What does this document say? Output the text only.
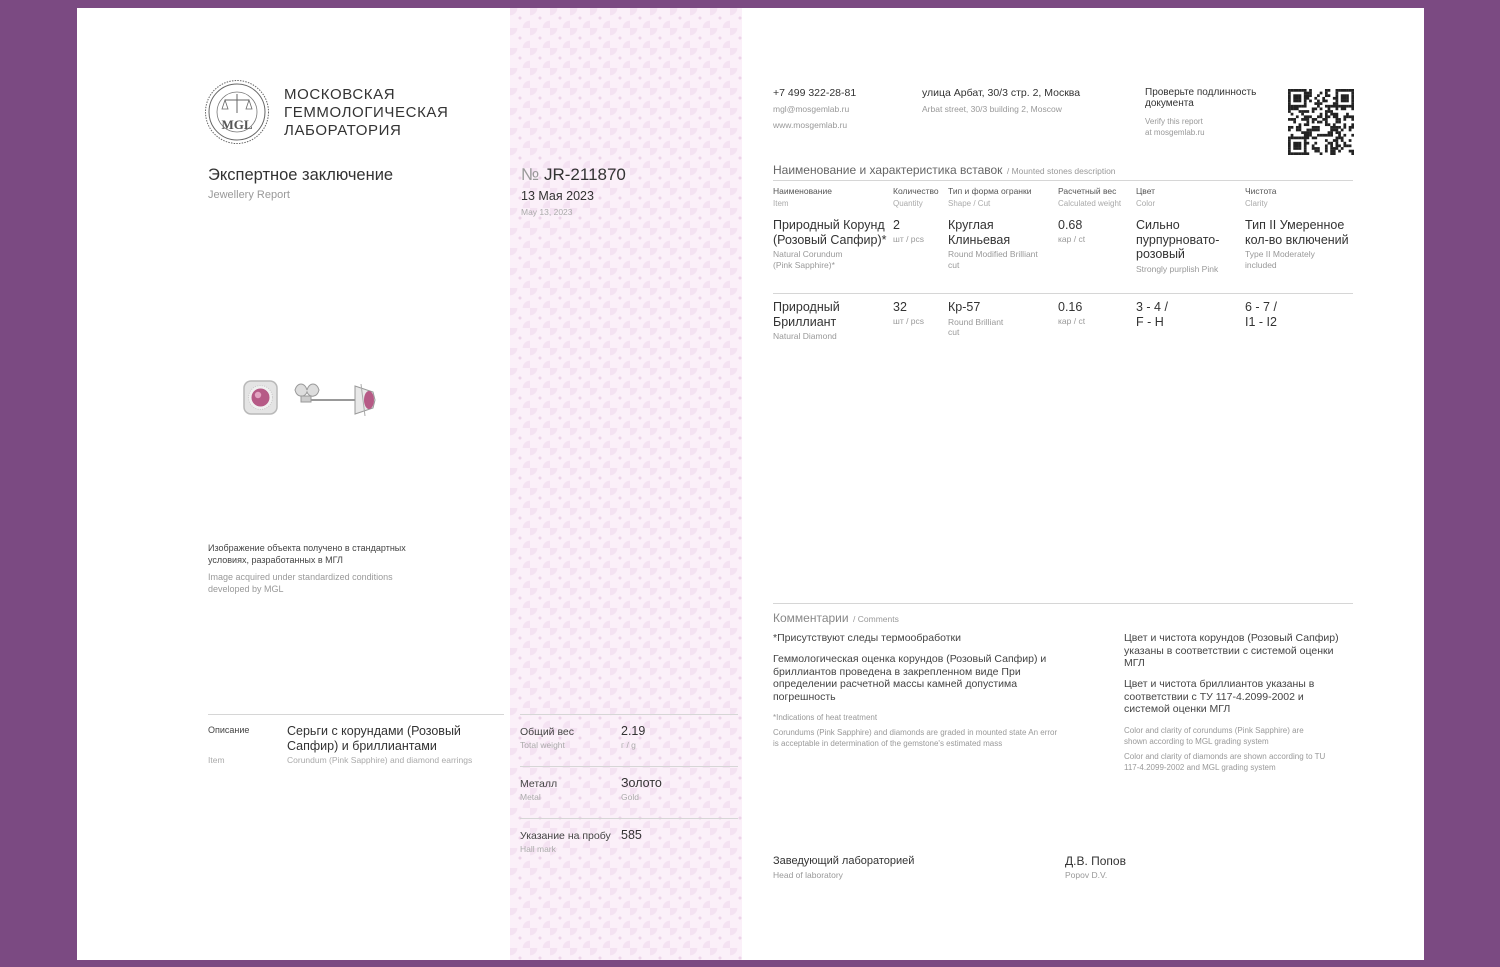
MGL
МОСКОВСКАЯ
ГЕММОЛОГИЧЕСКАЯ
ЛАБОРАТОРИЯ
Экспертное заключение
Jewellery Report
№ JR-211870
13 Мая 2023
May 13, 2023
Изображение объекта получено в стандартных условиях, разработанных в МГЛ
Image acquired under standardized conditions developed by MGL
Описание
Item
Серьги с корундами (Розовый Сапфир) и бриллиантами
Corundum (Pink Sapphire) and diamond earrings
Общий вес
Total weight
2.19
г / g
Металл
Metal
Золото
Gold
Указание на пробу
Hall mark
585
+7 499 322-28-81
mgl@mosgemlab.ru
www.mosgemlab.ru
улица Арбат, 30/3 стр. 2, Москва
Arbat street, 30/3 building 2, Moscow
Проверьте подлинность документа
Verify this report
at mosgemlab.ru
Наименование и характеристика вставок / Mounted stones description
Наименование
Item
Количество
Quantity
Тип и форма огранки
Shape / Cut
Расчетный вес
Calculated weight
Цвет
Color
Чистота
Clarity
Природный Корунд (Розовый Сапфир)*
Natural Corundum (Pink Sapphire)*
2
шт / pcs
Круглая Клиньевая
Round Modified Brilliant cut
0.68
кар / ct
Сильно пурпурновато-розовый
Strongly purplish Pink
Тип II Умеренное кол-во включений
Type II Moderately included
Природный Бриллиант
Natural Diamond
32
шт / pcs
Кр-57
Round Brilliant cut
0.16
кар / ct
3 - 4 / F - H
6 - 7 / I1 - I2
Комментарии / Comments
*Присутствуют следы термообработки
Геммологическая оценка корундов (Розовый Сапфир) и бриллиантов проведена в закрепленном виде При определении расчетной массы камней допустима погрешность
*Indications of heat treatment
Corundums (Pink Sapphire) and diamonds are graded in mounted state An error is acceptable in determination of the gemstone's estimated mass
Цвет и чистота корундов (Розовый Сапфир) указаны в соответствии с системой оценки МГЛ
Цвет и чистота бриллиантов указаны в соответствии с ТУ 117-4.2099-2002 и системой оценки МГЛ
Color and clarity of corundums (Pink Sapphire) are shown according to MGL grading system
Color and clarity of diamonds are shown according to TU 117-4.2099-2002 and MGL grading system
Заведующий лабораторией
Head of laboratory
Д.В. Попов
Popov D.V.
